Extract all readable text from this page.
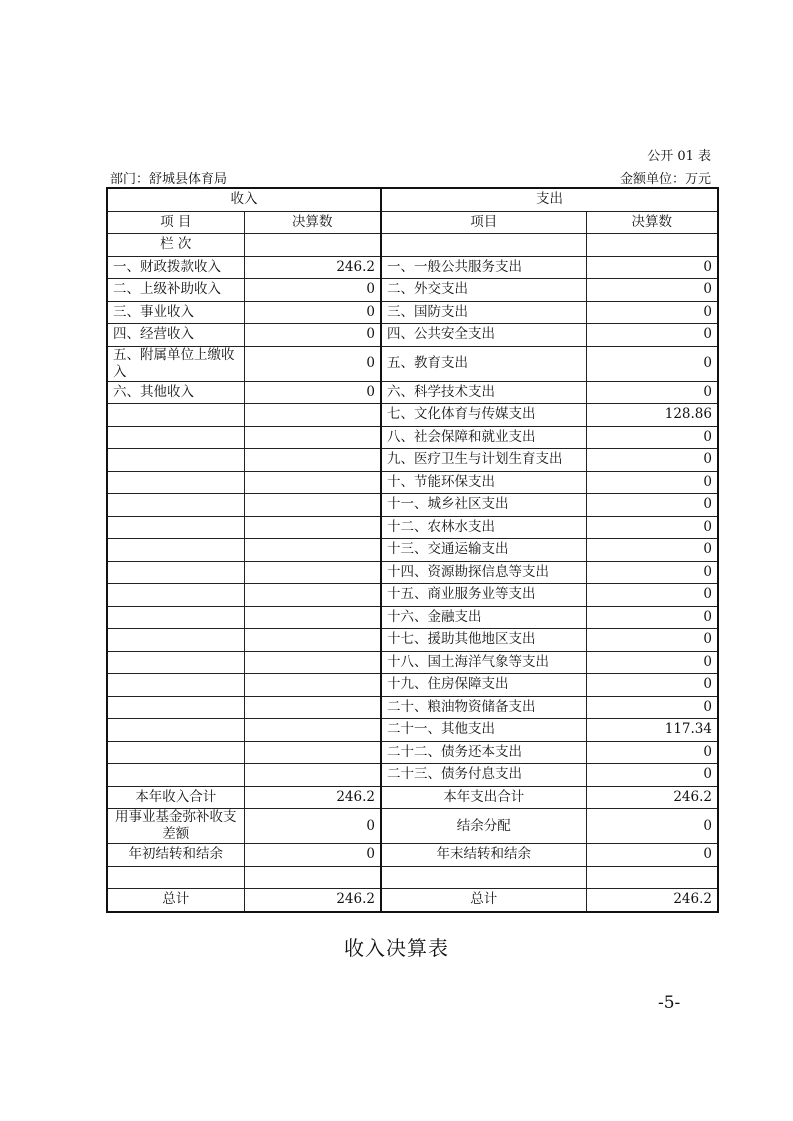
公开 01 表
部门：舒城县体育局	金额单位：万元
收入		支出	
项 目	决算数	项目	决算数
栏 次			
一、财政拨款收入	246.2	一、一般公共服务支出	0
二、上级补助收入	0	二、外交支出	0
三、事业收入	0	三、国防支出	0
四、经营收入	0	四、公共安全支出	0
五、附属单位上缴收入	0	五、教育支出	0
六、其他收入	0	六、科学技术支出	0
		七、文化体育与传媒支出	128.86
		八、社会保障和就业支出	0
		九、医疗卫生与计划生育支出	0
		十、节能环保支出	0
		十一、城乡社区支出	0
		十二、农林水支出	0
		十三、交通运输支出	0
		十四、资源勘探信息等支出	0
		十五、商业服务业等支出	0
		十六、金融支出	0
		十七、援助其他地区支出	0
		十八、国土海洋气象等支出	0
		十九、住房保障支出	0
		二十、粮油物资储备支出	0
		二十一、其他支出	117.34
		二十二、债务还本支出	0
		二十三、债务付息支出	0
本年收入合计	246.2	本年支出合计	246.2
用事业基金弥补收支差额	0	结余分配	0
年初结转和结余	0	年末结转和结余	0

总计	246.2	总计	246.2
收入决算表
-5-
